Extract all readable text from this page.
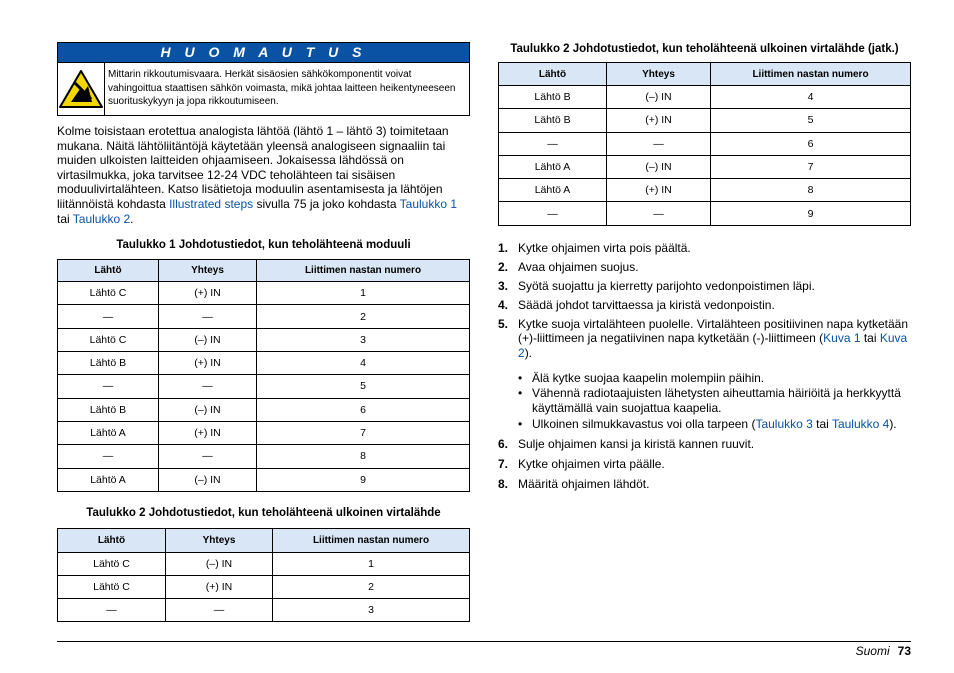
H U O M A U T U S
Mittarin rikkoutumisvaara. Herkät sisäosien sähkökomponentit voivat vahingoittua staattisen sähkön voimasta, mikä johtaa laitteen heikentyneeseen suorituskykyyn ja jopa rikkoutumiseen.

Kolme toisistaan erotettua analogista lähtöä (lähtö 1 – lähtö 3) toimitetaan mukana. Näitä lähtöliitäntöjä käytetään yleensä analogiseen signaaliin tai muiden ulkoisten laitteiden ohjaamiseen. Jokaisessa lähdössä on virtasilmukka, joka tarvitsee 12-24 VDC teholähteen tai sisäisen moduulivirtalähteen. Katso lisätietoja moduulin asentamisesta ja lähtöjen liitännöistä kohdasta Illustrated steps sivulla 75 ja joko kohdasta Taulukko 1 tai Taulukko 2.

Taulukko 1 Johdotustiedot, kun teholähteenä moduuli
Lähtö	Yhteys	Liittimen nastan numero
Lähtö C	(+) IN	1
—	—	2
Lähtö C	(–) IN	3
Lähtö B	(+) IN	4
—	—	5
Lähtö B	(–) IN	6
Lähtö A	(+) IN	7
—	—	8
Lähtö A	(–) IN	9
Taulukko 2 Johdotustiedot, kun teholähteenä ulkoinen virtalähde
Lähtö	Yhteys	Liittimen nastan numero
Lähtö C	(–) IN	1
Lähtö C	(+) IN	2
—	—	3
Taulukko 2 Johdotustiedot, kun teholähteenä ulkoinen virtalähde (jatk.)
Lähtö	Yhteys	Liittimen nastan numero
Lähtö B	(–) IN	4
Lähtö B	(+) IN	5
—	—	6
Lähtö A	(–) IN	7
Lähtö A	(+) IN	8
—	—	9
1. Kytke ohjaimen virta pois päältä.
2. Avaa ohjaimen suojus.
3. Syötä suojattu ja kierretty parijohto vedonpoistimen läpi.
4. Säädä johdot tarvittaessa ja kiristä vedonpoistin.
5. Kytke suoja virtalähteen puolelle. Virtalähteen positiivinen napa kytketään (+)-liittimeen ja negatiivinen napa kytketään (-)-liittimeen (Kuva 1 tai Kuva 2).
• Älä kytke suojaa kaapelin molempiin päihin.
• Vähennä radiotaajuisten lähetysten aiheuttamia häiriöitä ja herkkyyttä käyttämällä vain suojattua kaapelia.
• Ulkoinen silmukkavastus voi olla tarpeen (Taulukko 3 tai Taulukko 4).
6. Sulje ohjaimen kansi ja kiristä kannen ruuvit.
7. Kytke ohjaimen virta päälle.
8. Määritä ohjaimen lähdöt.
Suomi 73
